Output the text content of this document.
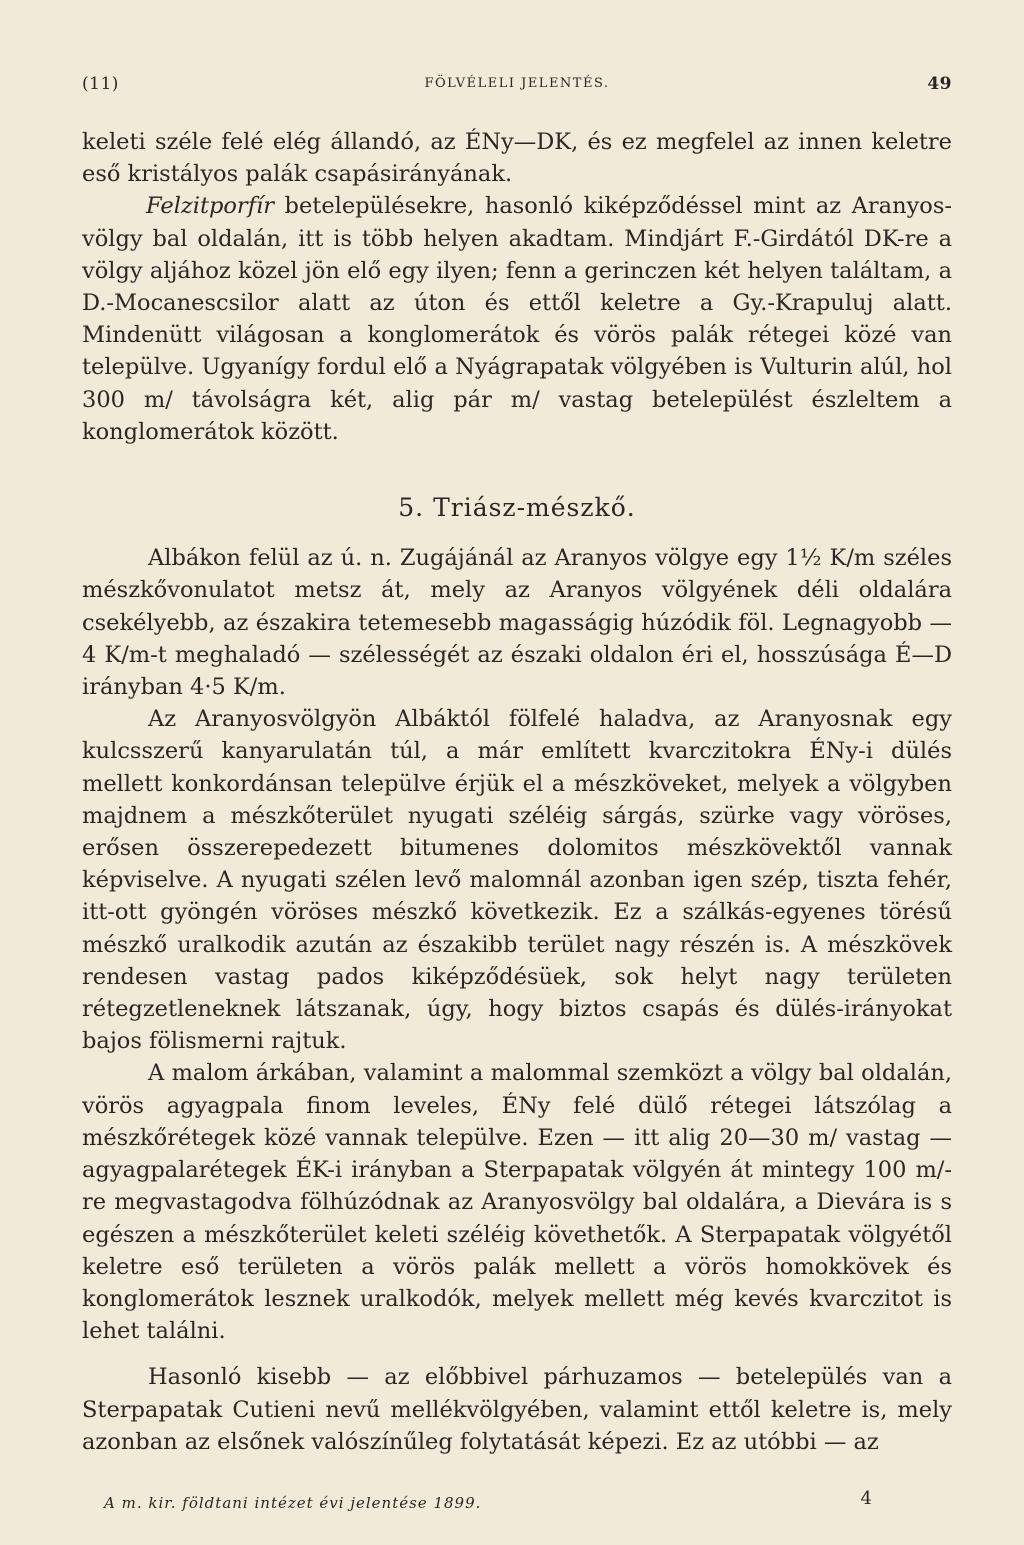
(11)	FÖLVÉLELI JELENTÉS.	49

keleti széle felé elég állandó, az ÉNy—DK, és ez megfelel az innen keletre eső kristályos palák csapásirányának.

Felzitporfír betelepülésekre, hasonló kiképződéssel mint az Aranyos-völgy bal oldalán, itt is több helyen akadtam. Mindjárt F.-Girdától DK-re a völgy aljához közel jön elő egy ilyen; fenn a gerinczen két helyen találtam, a D.-Mocanescsilor alatt az úton és ettől keletre a Gy.-Krapuluj alatt. Mindenütt világosan a konglomerátok és vörös palák rétegei közé van települve. Ugyanígy fordul elő a Nyágrapatak völgyében is Vulturin alúl, hol 300 m/ távolságra két, alig pár m/ vastag betelepülést észleltem a konglomerátok között.

5. Triász-mészkő.

Albákon felül az ú. n. Zugájánál az Aranyos völgye egy 1½ K/m széles mészkővonulatot metsz át, mely az Aranyos völgyének déli oldalára csekélyebb, az északira tetemesebb magasságig húzódik föl. Legnagyobb — 4 K/m-t meghaladó — szélességét az északi oldalon éri el, hosszúsága É—D irányban 4·5 K/m.

Az Aranyosvölgyön Albáktól fölfelé haladva, az Aranyosnak egy kulcsszerű kanyarulatán túl, a már említett kvarczitokra ÉNy-i dülés mellett konkordánsan települve érjük el a mészköveket, melyek a völgyben majdnem a mészkőterület nyugati széléig sárgás, szürke vagy vöröses, erősen összerepedezett bitumenes dolomitos mészkövektől vannak képviselve. A nyugati szélen levő malomnál azonban igen szép, tiszta fehér, itt-ott gyöngén vöröses mészkő következik. Ez a szálkás-egyenes törésű mészkő uralkodik azután az északibb terület nagy részén is. A mészkövek rendesen vastag pados kiképződésüek, sok helyt nagy területen rétegzetleneknek látszanak, úgy, hogy biztos csapás és dülés-irányokat bajos fölismerni rajtuk.

A malom árkában, valamint a malommal szemközt a völgy bal oldalán, vörös agyagpala finom leveles, ÉNy felé dülő rétegei látszólag a mészkőrétegek közé vannak települve. Ezen — itt alig 20—30 m/ vastag — agyagpalarétegek ÉK-i irányban a Sterpapatak völgyén át mintegy 100 m/-re megvastagodva fölhúzódnak az Aranyosvölgy bal oldalára, a Dievára is s egészen a mészkőterület keleti széléig követhetők. A Sterpapatak völgyétől keletre eső területen a vörös palák mellett a vörös homokkövek és konglomerátok lesznek uralkodók, melyek mellett még kevés kvarczitot is lehet találni.

Hasonló kisebb — az előbbivel párhuzamos — betelepülés van a Sterpapatak Cutieni nevű mellékvölgyében, valamint ettől keletre is, mely azonban az elsőnek valószínűleg folytatását képezi. Ez az utóbbi — az

A m. kir. földtani intézet évi jelentése 1899.	4
